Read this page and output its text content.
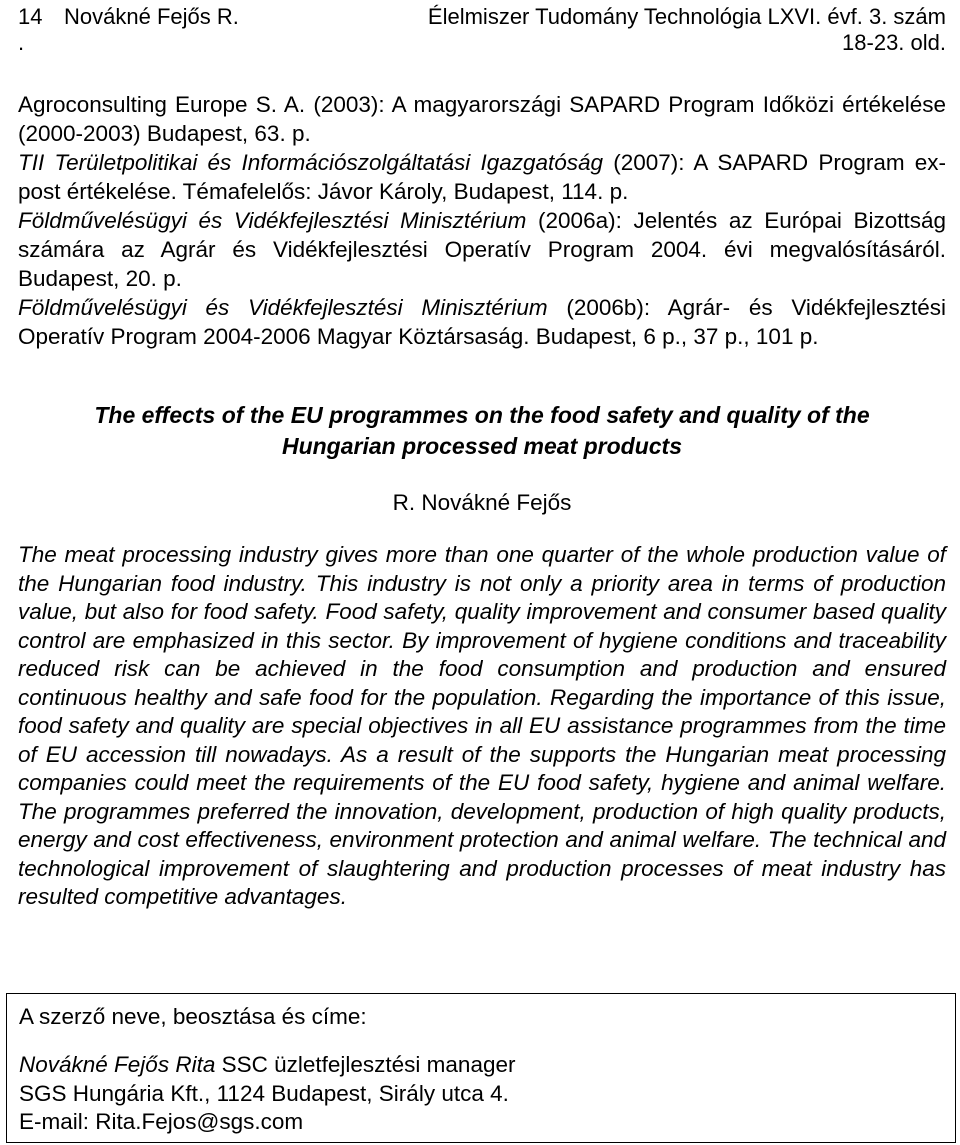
14 Novákné Fejős R.
.
Élelmiszer Tudomány Technológia LXVI. évf. 3. szám
18-23. old.

Agroconsulting Europe S. A. (2003): A magyarországi SAPARD Program Időközi értékelése (2000-2003) Budapest, 63. p.

TII Területpolitikai és Információszolgáltatási Igazgatóság (2007): A SAPARD Program ex-post értékelése. Témafelelős: Jávor Károly, Budapest, 114. p.

Földművelésügyi és Vidékfejlesztési Minisztérium (2006a): Jelentés az Európai Bizottság számára az Agrár és Vidékfejlesztési Operatív Program 2004. évi megvalósításáról. Budapest, 20. p.

Földművelésügyi és Vidékfejlesztési Minisztérium (2006b): Agrár- és Vidékfejlesztési Operatív Program 2004-2006 Magyar Köztársaság. Budapest, 6 p., 37 p., 101 p.

The effects of the EU programmes on the food safety and quality of the
Hungarian processed meat products

R. Novákné Fejős

The meat processing industry gives more than one quarter of the whole production value of the Hungarian food industry. This industry is not only a priority area in terms of production value, but also for food safety. Food safety, quality improvement and consumer based quality control are emphasized in this sector. By improvement of hygiene conditions and traceability reduced risk can be achieved in the food consumption and production and ensured continuous healthy and safe food for the population. Regarding the importance of this issue, food safety and quality are special objectives in all EU assistance programmes from the time of EU accession till nowadays. As a result of the supports the Hungarian meat processing companies could meet the requirements of the EU food safety, hygiene and animal welfare. The programmes preferred the innovation, development, production of high quality products, energy and cost effectiveness, environment protection and animal welfare. The technical and technological improvement of slaughtering and production processes of meat industry has resulted competitive advantages.

A szerző neve, beosztása és címe:

Novákné Fejős Rita SSC üzletfejlesztési manager

SGS Hungária Kft., 1124 Budapest, Sirály utca 4.

E-mail: Rita.Fejos@sgs.com
